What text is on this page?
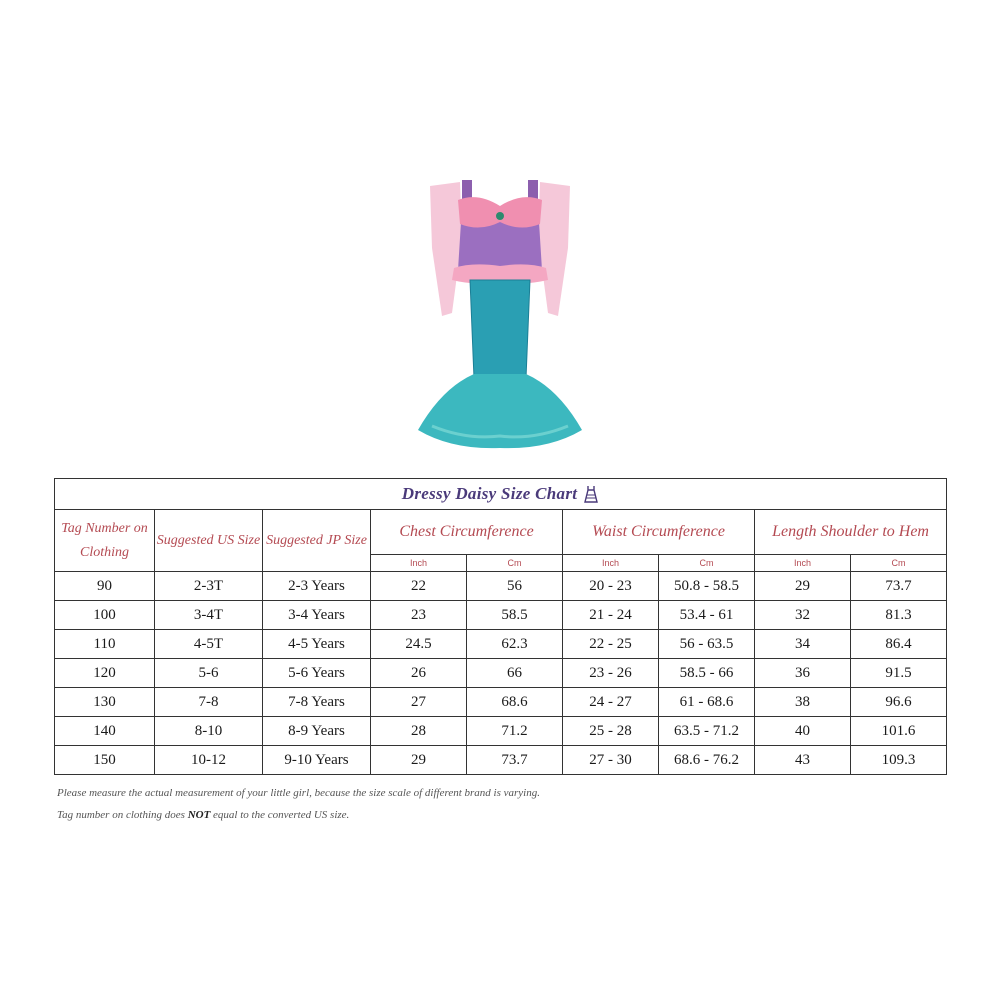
Dressy Daisy Size Chart								

Tag Number on Clothing	Suggested US Size	Suggested JP Size	Chest Circumference		Waist Circumference		Length Shoulder to Hem	
			Inch	Cm	Inch	Cm	Inch	Cm
90	2-3T	2-3 Years	22	56	20 - 23	50.8 - 58.5	29	73.7
100	3-4T	3-4 Years	23	58.5	21 - 24	53.4 - 61	32	81.3
110	4-5T	4-5 Years	24.5	62.3	22 - 25	56 - 63.5	34	86.4
120	5-6	5-6 Years	26	66	23 - 26	58.5 - 66	36	91.5
130	7-8	7-8 Years	27	68.6	24 - 27	61 - 68.6	38	96.6
140	8-10	8-9 Years	28	71.2	25 - 28	63.5 - 71.2	40	101.6
150	10-12	9-10 Years	29	73.7	27 - 30	68.6 - 76.2	43	109.3
Please measure the actual measurement of your little girl, because the size scale of different brand is varying.
Tag number on clothing does NOT equal to the converted US size.
